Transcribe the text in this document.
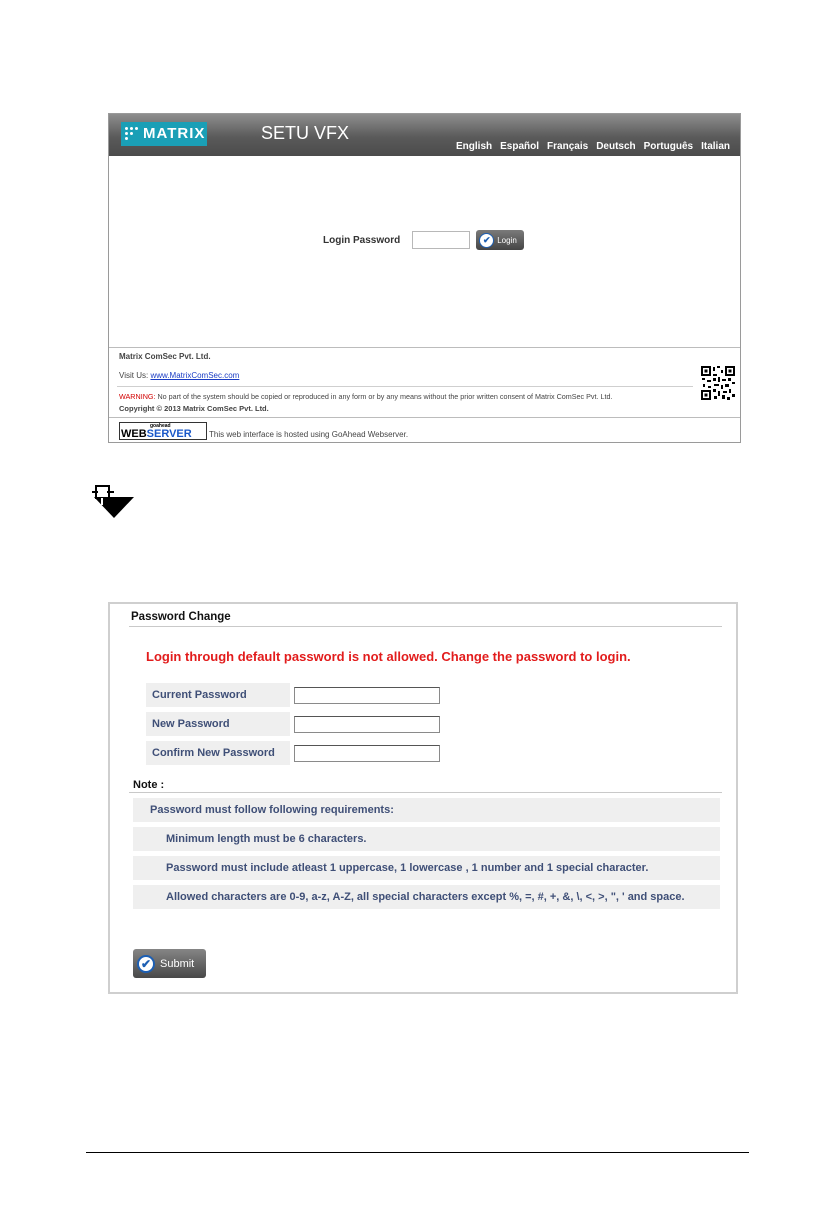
MATRIX	SETU VFX
English Español Français Deutsch Português Italian
Login Password	✔ Login
Matrix ComSec Pvt. Ltd.
Visit Us: www.MatrixComSec.com
WARNING: No part of the system should be copied or reproduced in any form or by any means without the prior written consent of Matrix ComSec Pvt. Ltd.
Copyright © 2013 Matrix ComSec Pvt. Ltd.
goahead
WEBSERVER This web interface is hosted using GoAhead Webserver.
Password Change
Login through default password is not allowed. Change the password to login.
Current Password
New Password
Confirm New Password
Note :
Password must follow following requirements:
Minimum length must be 6 characters.
Password must include atleast 1 uppercase, 1 lowercase , 1 number and 1 special character.
Allowed characters are 0-9, a-z, A-Z, all special characters except %, =, #, +, &, \, <, >, ", ' and space.
✔ Submit
